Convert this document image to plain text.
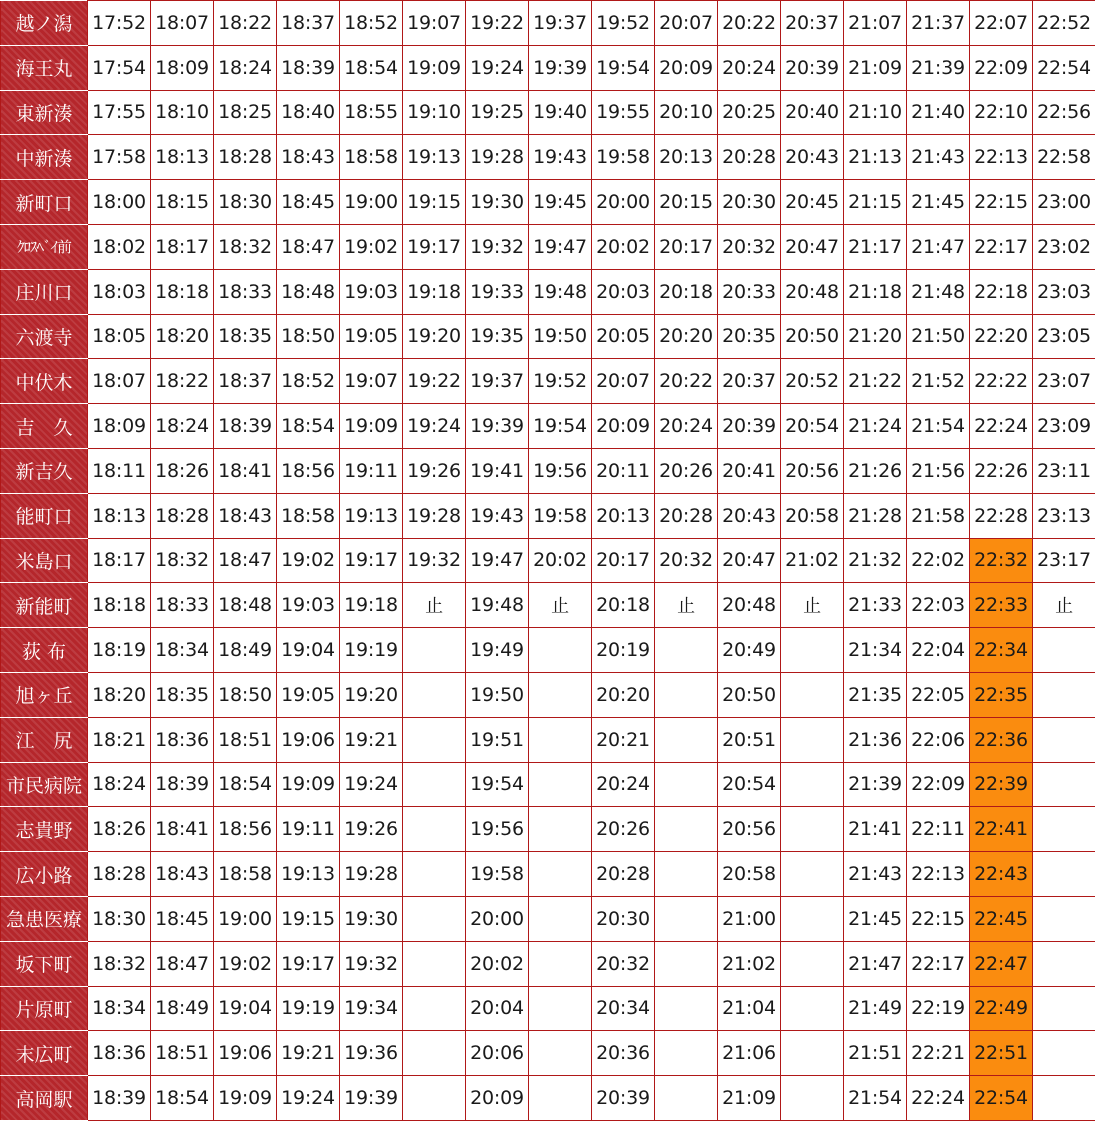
越ノ潟	17:52	18:07	18:22	18:37	18:52	19:07	19:22	19:37	19:52	20:07	20:22	20:37	21:07	21:37	22:07	22:52
海王丸	17:54	18:09	18:24	18:39	18:54	19:09	19:24	19:39	19:54	20:09	20:24	20:39	21:09	21:39	22:09	22:54
東新湊	17:55	18:10	18:25	18:40	18:55	19:10	19:25	19:40	19:55	20:10	20:25	20:40	21:10	21:40	22:10	22:56
中新湊	17:58	18:13	18:28	18:43	18:58	19:13	19:28	19:43	19:58	20:13	20:28	20:43	21:13	21:43	22:13	22:58
新町口	18:00	18:15	18:30	18:45	19:00	19:15	19:30	19:45	20:00	20:15	20:30	20:45	21:15	21:45	22:15	23:00
ｸﾛｽﾍﾞｲ前	18:02	18:17	18:32	18:47	19:02	19:17	19:32	19:47	20:02	20:17	20:32	20:47	21:17	21:47	22:17	23:02
庄川口	18:03	18:18	18:33	18:48	19:03	19:18	19:33	19:48	20:03	20:18	20:33	20:48	21:18	21:48	22:18	23:03
六渡寺	18:05	18:20	18:35	18:50	19:05	19:20	19:35	19:50	20:05	20:20	20:35	20:50	21:20	21:50	22:20	23:05
中伏木	18:07	18:22	18:37	18:52	19:07	19:22	19:37	19:52	20:07	20:22	20:37	20:52	21:22	21:52	22:22	23:07
吉　久	18:09	18:24	18:39	18:54	19:09	19:24	19:39	19:54	20:09	20:24	20:39	20:54	21:24	21:54	22:24	23:09
新吉久	18:11	18:26	18:41	18:56	19:11	19:26	19:41	19:56	20:11	20:26	20:41	20:56	21:26	21:56	22:26	23:11
能町口	18:13	18:28	18:43	18:58	19:13	19:28	19:43	19:58	20:13	20:28	20:43	20:58	21:28	21:58	22:28	23:13
米島口	18:17	18:32	18:47	19:02	19:17	19:32	19:47	20:02	20:17	20:32	20:47	21:02	21:32	22:02	22:32	23:17
新能町	18:18	18:33	18:48	19:03	19:18	止	19:48	止	20:18	止	20:48	止	21:33	22:03	22:33	止
荻 布	18:19	18:34	18:49	19:04	19:19		19:49		20:19		20:49		21:34	22:04	22:34	
旭ヶ丘	18:20	18:35	18:50	19:05	19:20		19:50		20:20		20:50		21:35	22:05	22:35	
江　尻	18:21	18:36	18:51	19:06	19:21		19:51		20:21		20:51		21:36	22:06	22:36	
市民病院	18:24	18:39	18:54	19:09	19:24		19:54		20:24		20:54		21:39	22:09	22:39	
志貴野	18:26	18:41	18:56	19:11	19:26		19:56		20:26		20:56		21:41	22:11	22:41	
広小路	18:28	18:43	18:58	19:13	19:28		19:58		20:28		20:58		21:43	22:13	22:43	
急患医療	18:30	18:45	19:00	19:15	19:30		20:00		20:30		21:00		21:45	22:15	22:45	
坂下町	18:32	18:47	19:02	19:17	19:32		20:02		20:32		21:02		21:47	22:17	22:47	
片原町	18:34	18:49	19:04	19:19	19:34		20:04		20:34		21:04		21:49	22:19	22:49	
末広町	18:36	18:51	19:06	19:21	19:36		20:06		20:36		21:06		21:51	22:21	22:51	
高岡駅	18:39	18:54	19:09	19:24	19:39		20:09		20:39		21:09		21:54	22:24	22:54	
